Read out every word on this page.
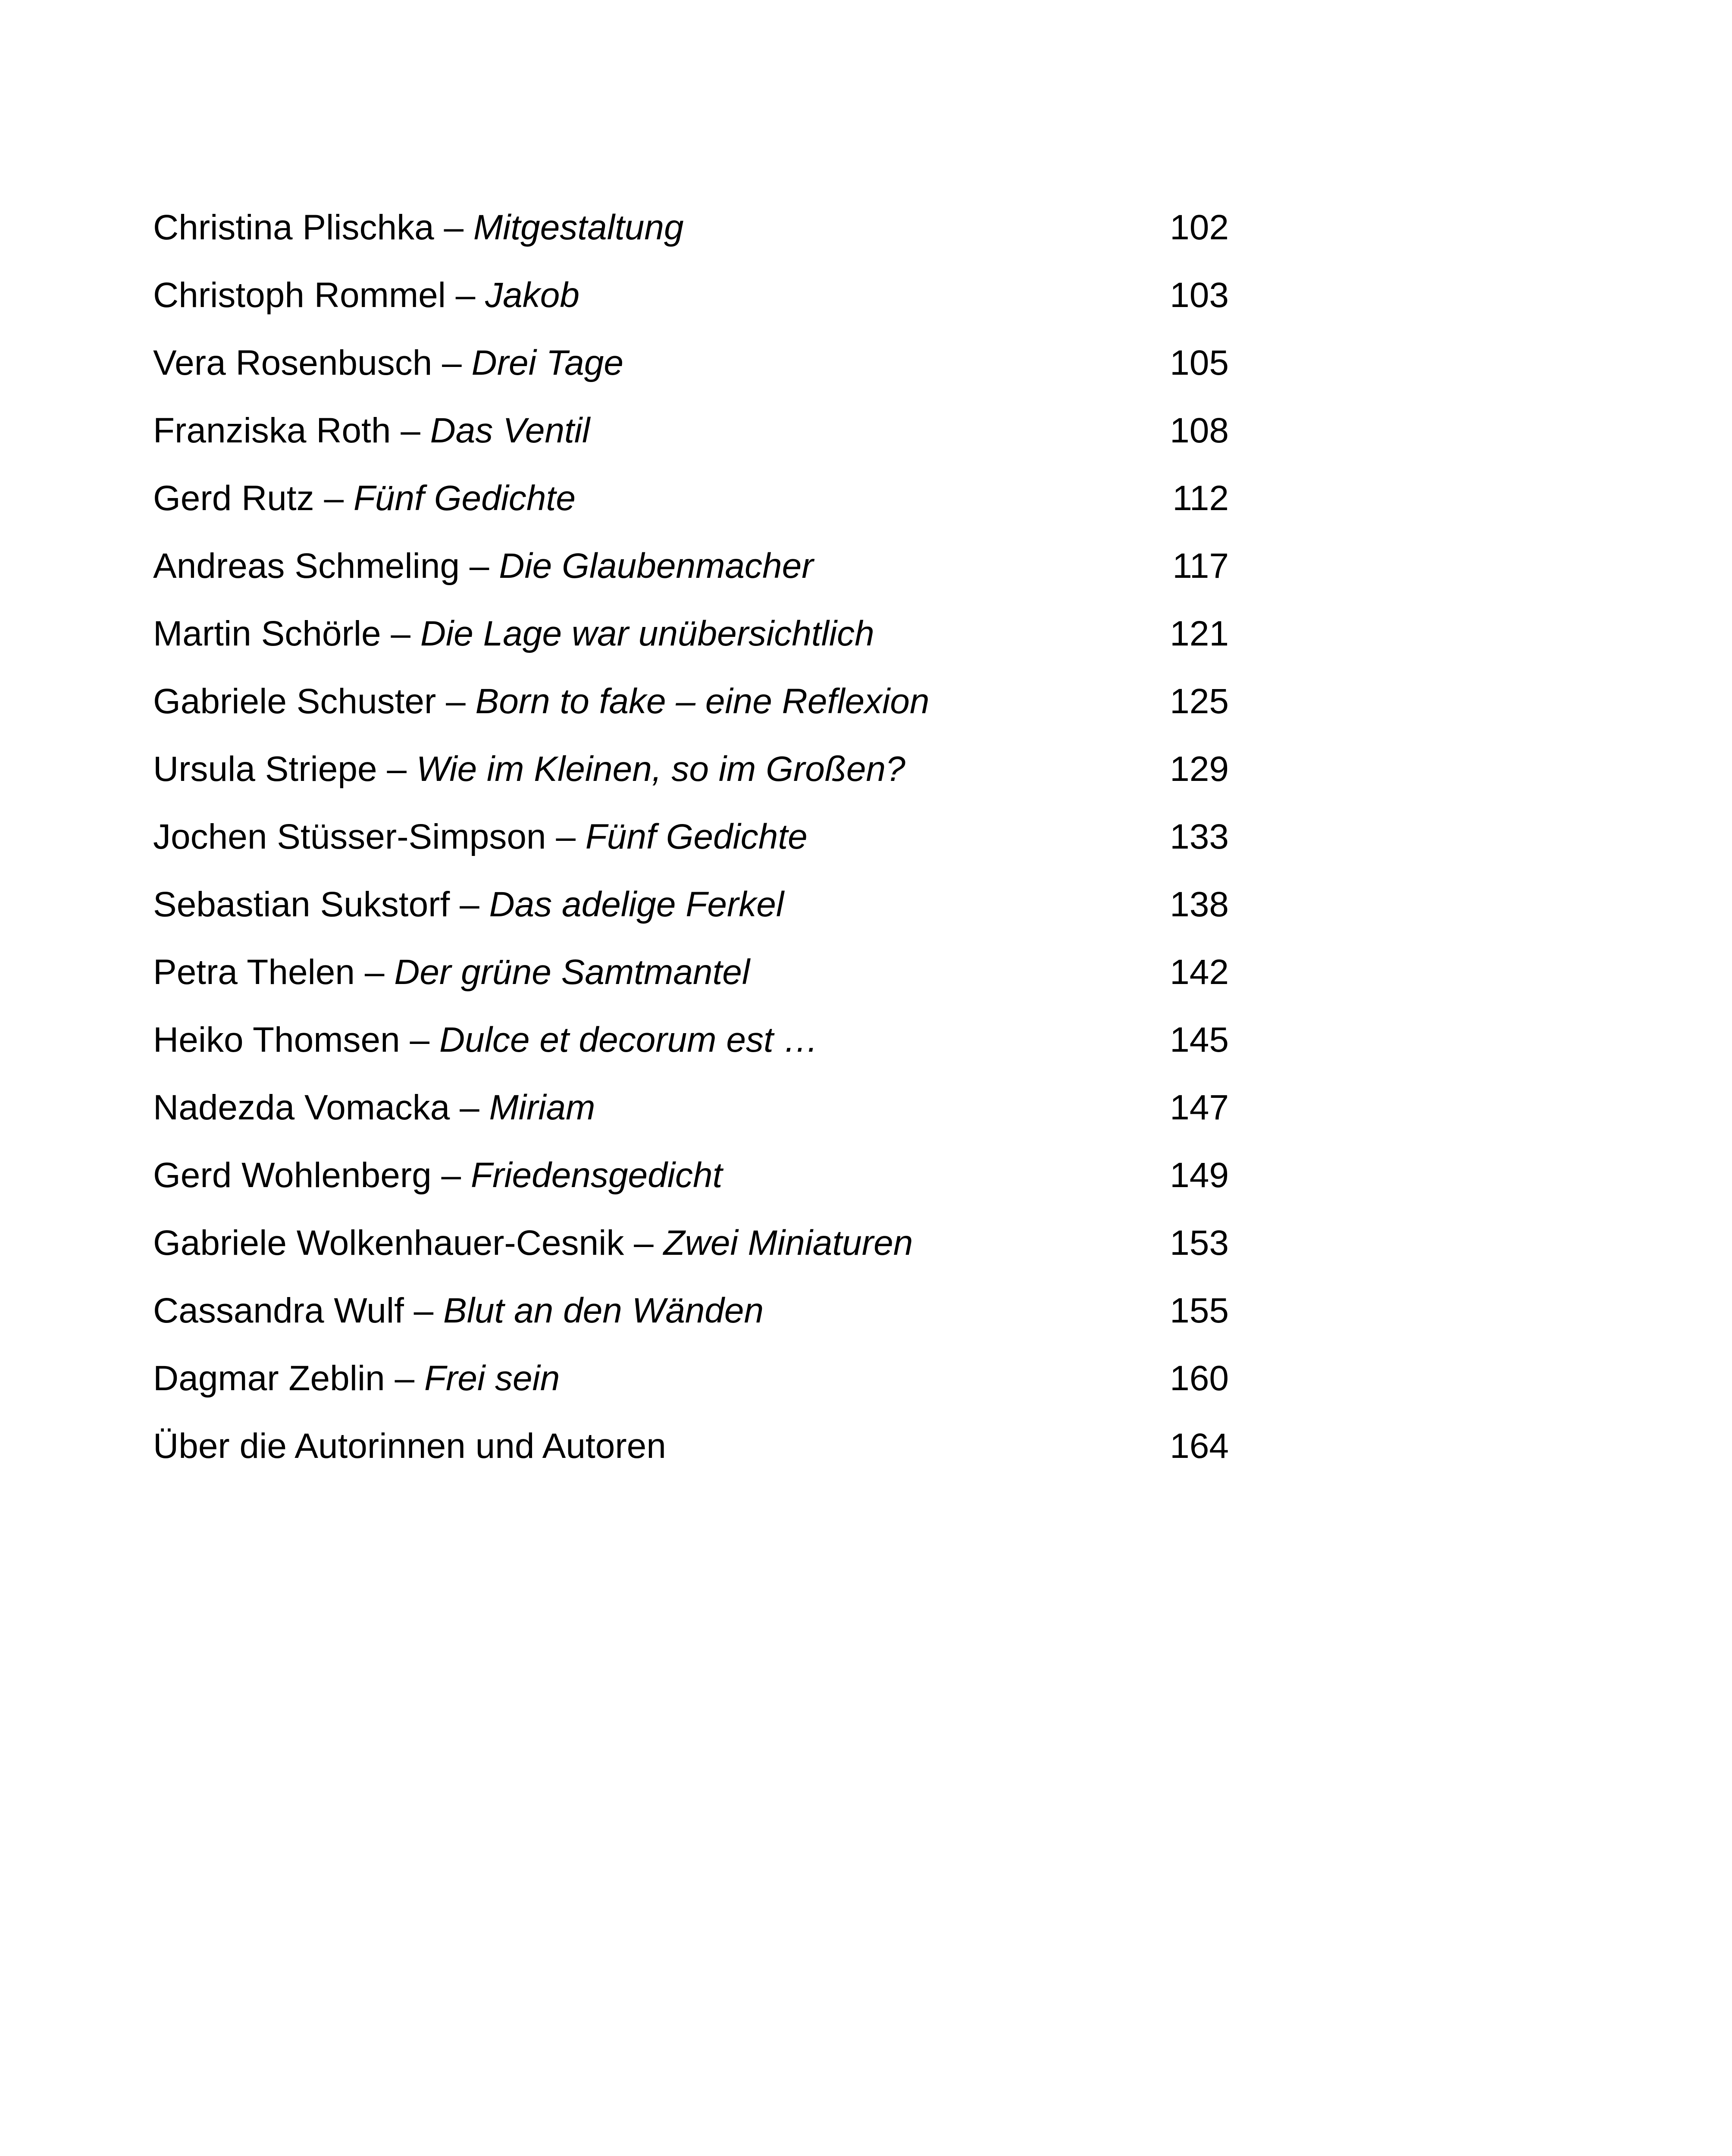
Christina Plischka – Mitgestaltung	102
Christoph Rommel – Jakob	103
Vera Rosenbusch – Drei Tage	105
Franziska Roth – Das Ventil	108
Gerd Rutz – Fünf Gedichte	112
Andreas Schmeling – Die Glaubenmacher	117
Martin Schörle – Die Lage war unübersichtlich	121
Gabriele Schuster – Born to fake – eine Reflexion	125
Ursula Striepe – Wie im Kleinen, so im Großen?	129
Jochen Stüsser-Simpson – Fünf Gedichte	133
Sebastian Sukstorf – Das adelige Ferkel	138
Petra Thelen – Der grüne Samtmantel	142
Heiko Thomsen – Dulce et decorum est …	145
Nadezda Vomacka – Miriam	147
Gerd Wohlenberg – Friedensgedicht	149
Gabriele Wolkenhauer-Cesnik – Zwei Miniaturen	153
Cassandra Wulf – Blut an den Wänden	155
Dagmar Zeblin – Frei sein	160
Über die Autorinnen und Autoren	164
